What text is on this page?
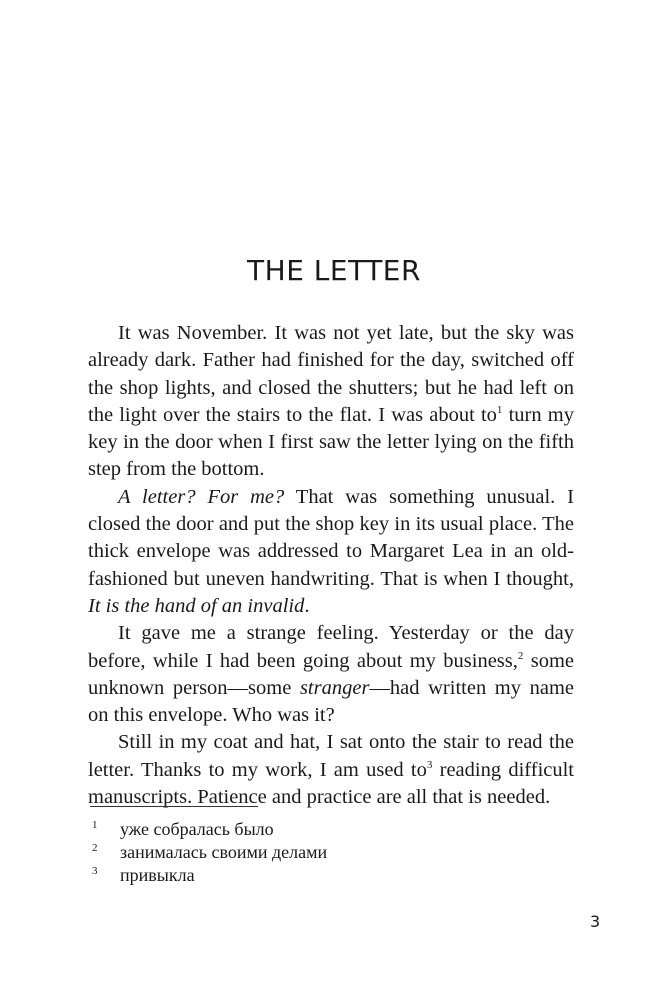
THE LETTER

It was November. It was not yet late, but the sky was already dark. Father had finished for the day, switched off the shop lights, and closed the shutters; but he had left on the light over the stairs to the flat. I was about $to^1$ turn my key in the door when I first saw the letter lying on the fifth step from the bottom.

A letter? For me? That was something unusual. I closed the door and put the shop key in its usual place. The thick envelope was addressed to Margaret Lea in an old-fashioned but uneven handwriting. That is when I thought, It is the hand of an invalid.

It gave me a strange feeling. Yesterday or the day before, while I had been going about my business,$^2$ some unknown person—some stranger—had written my name on this envelope. Who was it?

Still in my coat and hat, I sat onto the stair to read the letter. Thanks to my work, I am used $to^3$ reading difficult manuscripts. Patience and practice are all that is needed.

1	уже собралась было
2	занималась своими делами
3	привыкла
3
